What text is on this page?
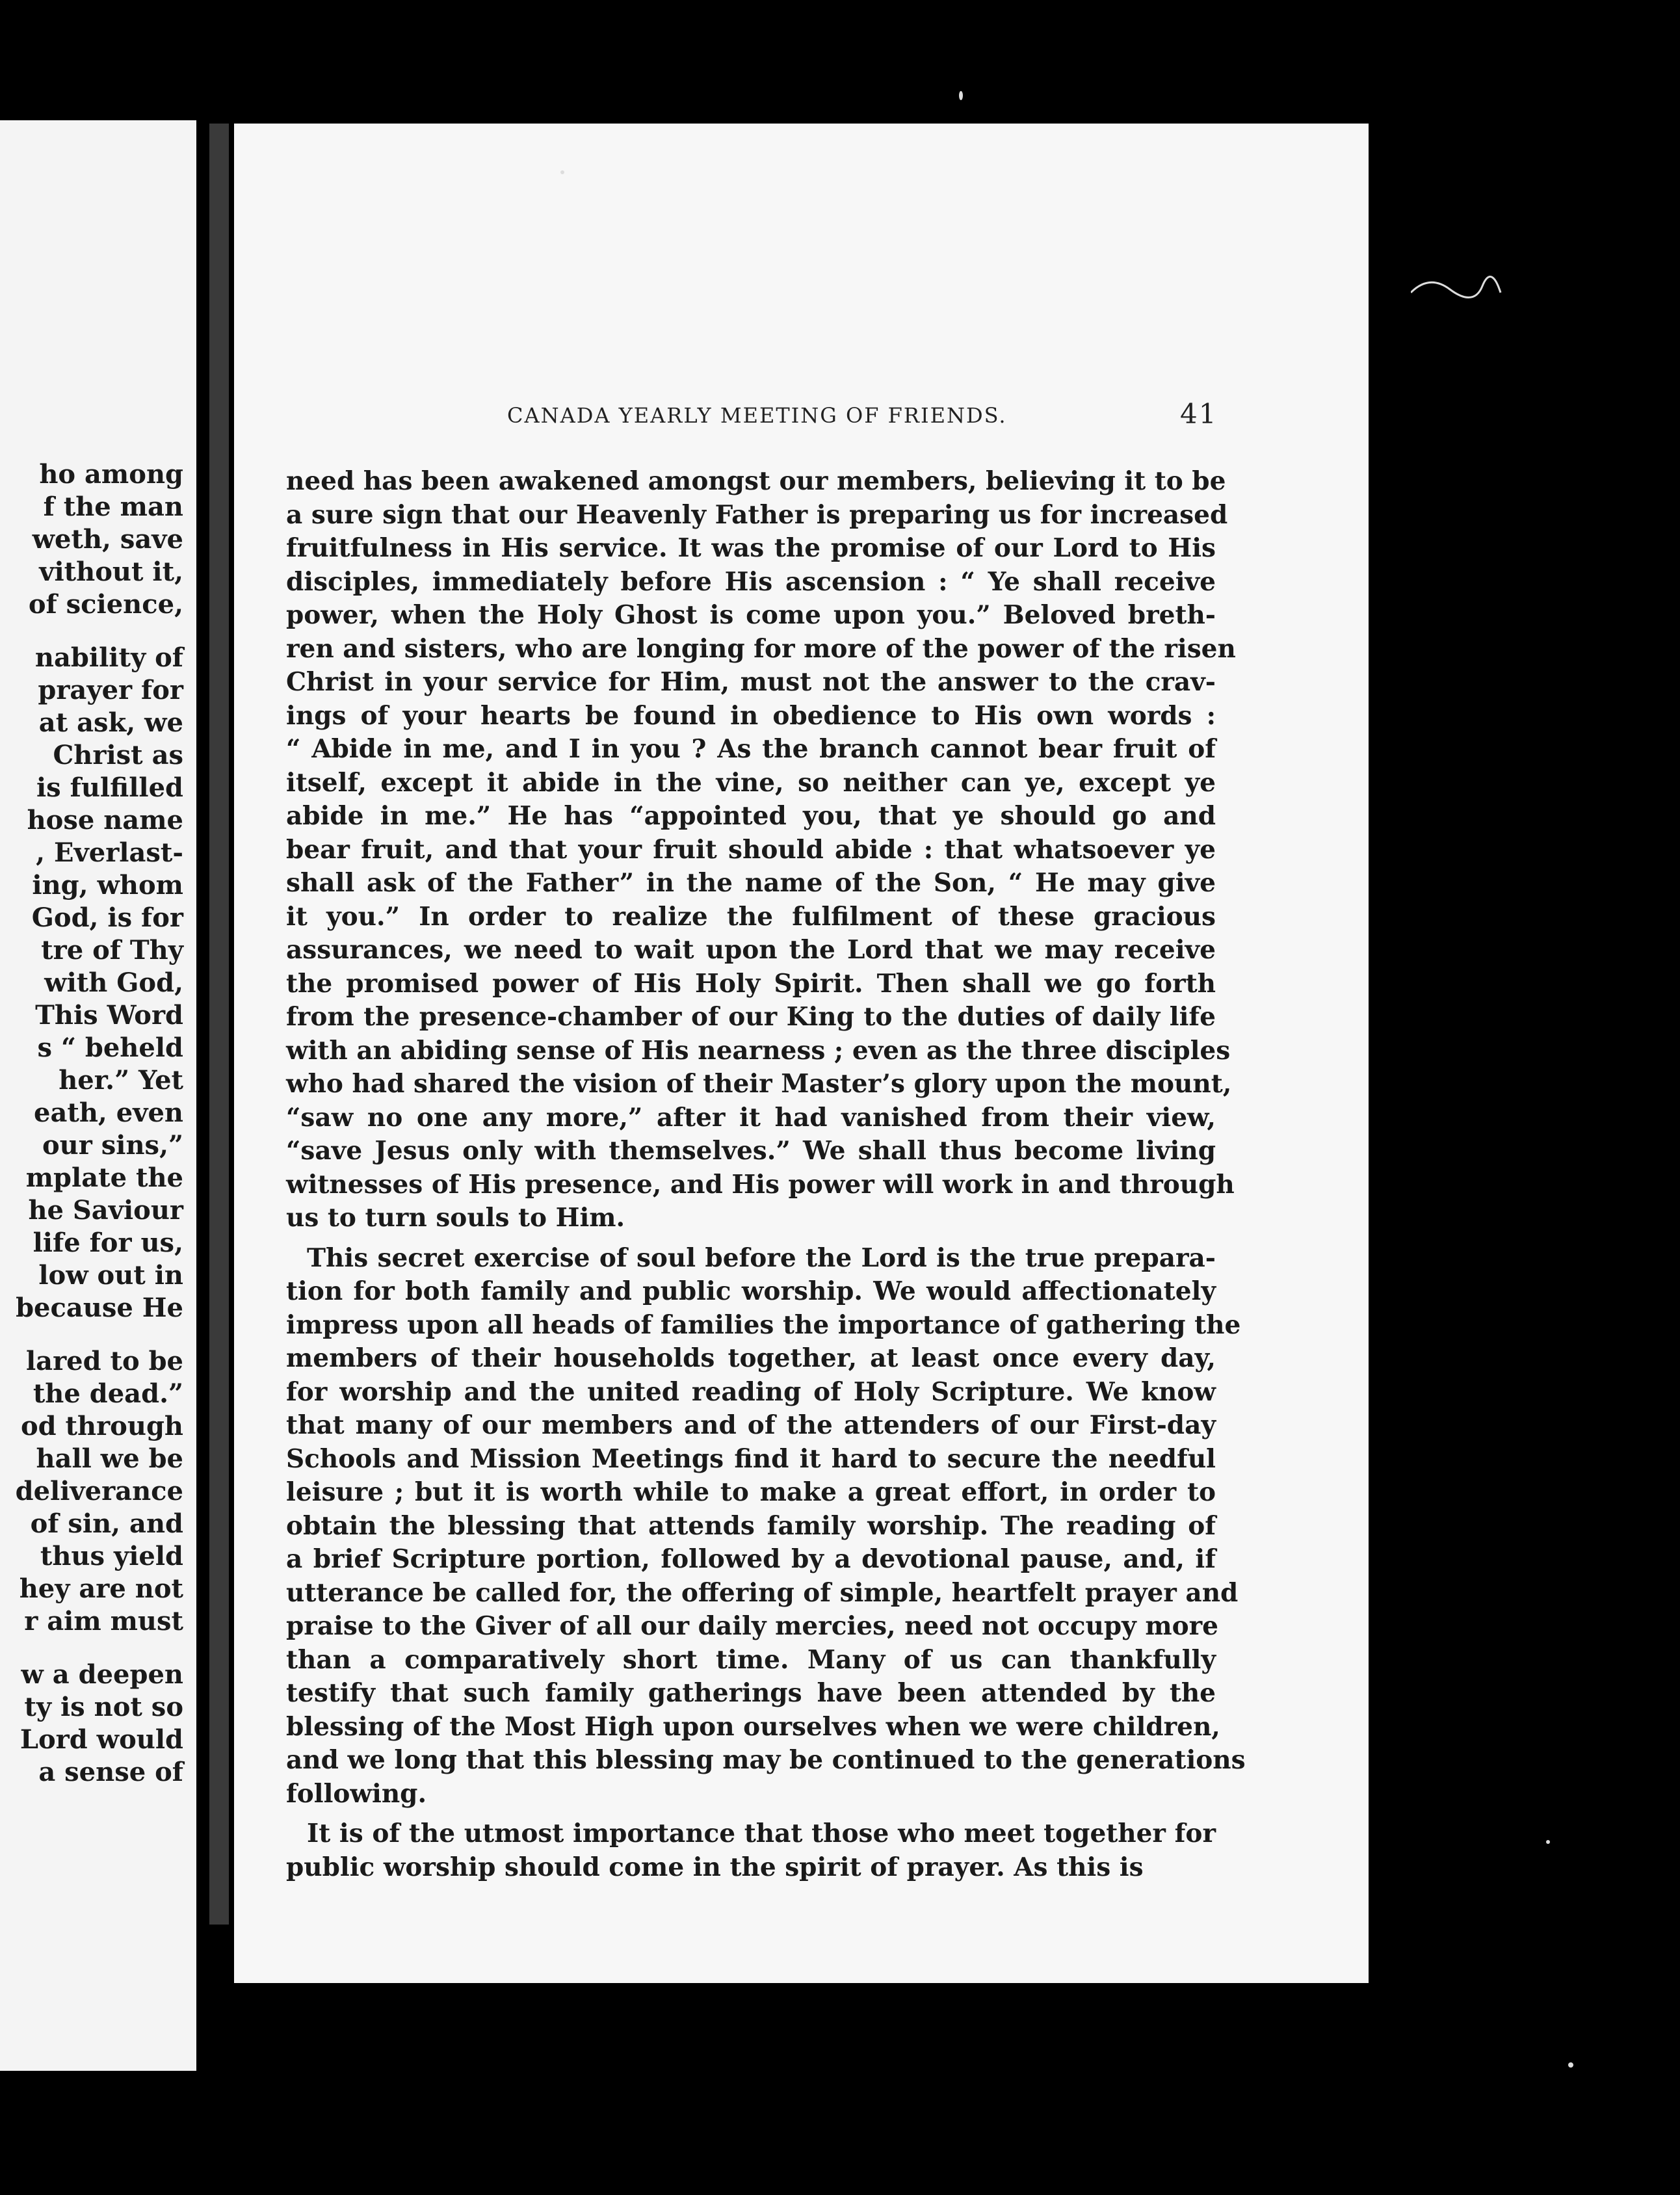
ho among
f the man
weth, save
vithout it,
of science,
nability of
prayer for
at ask, we
Christ as
is fulfilled
hose name
, Everlast-
ing, whom
God, is for
tre of Thy
with God,
This Word
s “ beheld
her.” Yet
eath, even
our sins,”
mplate the
he Saviour
life for us,
low out in
because He
lared to be
the dead.”
od through
hall we be
deliverance
of sin, and
thus yield
hey are not
r aim must
w a deepen
ty is not so
Lord would
a sense of
CANADA YEARLY MEETING OF FRIENDS.	41
need has been awakened amongst our members, believing it to be
a sure sign that our Heavenly Father is preparing us for increased
fruitfulness in His service. It was the promise of our Lord to His
disciples, immediately before His ascension : “ Ye shall receive
power, when the Holy Ghost is come upon you.” Beloved breth-
ren and sisters, who are longing for more of the power of the risen
Christ in your service for Him, must not the answer to the crav-
ings of your hearts be found in obedience to His own words :
“ Abide in me, and I in you ? As the branch cannot bear fruit of
itself, except it abide in the vine, so neither can ye, except ye
abide in me.” He has “appointed you, that ye should go and
bear fruit, and that your fruit should abide : that whatsoever ye
shall ask of the Father” in the name of the Son, “ He may give
it you.” In order to realize the fulfilment of these gracious
assurances, we need to wait upon the Lord that we may receive
the promised power of His Holy Spirit. Then shall we go forth
from the presence-chamber of our King to the duties of daily life
with an abiding sense of His nearness ; even as the three disciples
who had shared the vision of their Master’s glory upon the mount,
“saw no one any more,” after it had vanished from their view,
“save Jesus only with themselves.” We shall thus become living
witnesses of His presence, and His power will work in and through
us to turn souls to Him.
This secret exercise of soul before the Lord is the true prepara-
tion for both family and public worship. We would affectionately
impress upon all heads of families the importance of gathering the
members of their households together, at least once every day,
for worship and the united reading of Holy Scripture. We know
that many of our members and of the attenders of our First-day
Schools and Mission Meetings find it hard to secure the needful
leisure ; but it is worth while to make a great effort, in order to
obtain the blessing that attends family worship. The reading of
a brief Scripture portion, followed by a devotional pause, and, if
utterance be called for, the offering of simple, heartfelt prayer and
praise to the Giver of all our daily mercies, need not occupy more
than a comparatively short time. Many of us can thankfully
testify that such family gatherings have been attended by the
blessing of the Most High upon ourselves when we were children,
and we long that this blessing may be continued to the generations
following.
It is of the utmost importance that those who meet together for
public worship should come in the spirit of prayer. As this is
